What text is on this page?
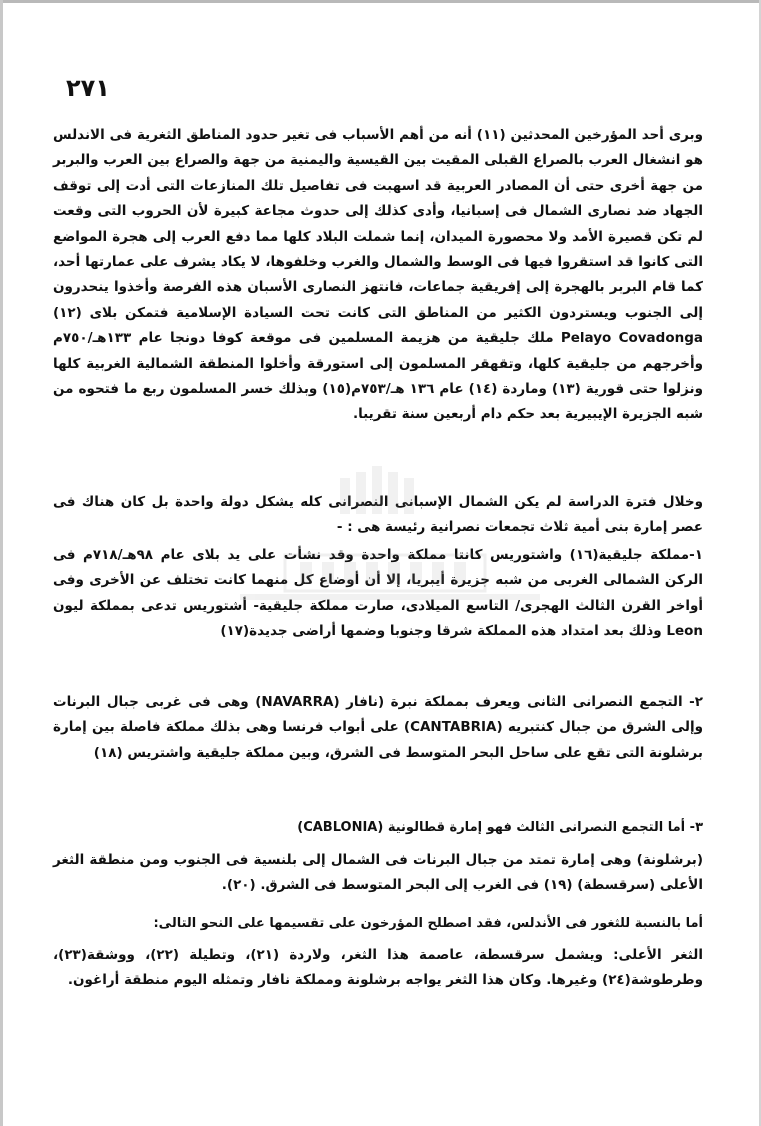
٢٧١

وبرى أحد المؤرخين المحدثين (١١) أنه من أهم الأسباب فى تغير حدود المناطق الثغرية فى الاندلس هو انشغال العرب بالصراع القبلى المقيت بين القيسية واليمنية من جهة والصراع بين العرب والبربر من جهة أخرى حتى أن المصادر العربية قد اسهبت فى تفاصيل تلك المنازعات التى أدت إلى توقف الجهاد ضد نصارى الشمال فى إسبانيا، وأدى كذلك إلى حدوث مجاعة كبيرة لأن الحروب التى وقعت لم تكن قصيرة الأمد ولا محصورة الميدان، إنما شملت البلاد كلها مما دفع العرب إلى هجرة المواضع التى كانوا قد استقروا فيها فى الوسط والشمال والغرب وخلفوها، لا يكاد يشرف على عمارتها أحد، كما قام البربر بالهجرة إلى إفريقية جماعات، فانتهز النصارى الأسبان هذه الفرصة وأخذوا ينحدرون إلى الجنوب ويستردون الكثير من المناطق التى كانت تحت السيادة الإسلامية فتمكن بلاى (١٢) Pelayo Covadonga ملك جليقية من هزيمة المسلمين فى موقعة كوفا دونجا عام ١٣٣هـ/٧٥٠م وأخرجهم من جليقية كلها، وتقهقر المسلمون إلى استورقة وأخلوا المنطقة الشمالية الغربية كلها ونزلوا حتى قورية (١٣) وماردة (١٤) عام ١٣٦ هـ/٧٥٣م(١٥) وبذلك خسر المسلمون ربع ما فتحوه من شبه الجزيرة الإيبيرية بعد حكم دام أربعين سنة تقريبا.

وخلال فترة الدراسة لم يكن الشمال الإسبانى النصرانى كله يشكل دولة واحدة بل كان هناك فى عصر إمارة بنى أمية ثلاث تجمعات نصرانية رئيسة هى : -

١-مملكة جليقية(١٦) واشتوريس كانتا مملكة واحدة وقد نشأت على يد بلاى عام ٩٨هـ/٧١٨م فى الركن الشمالى الغربى من شبه جزيرة أيبريا، إلا أن أوضاع كل منهما كانت تختلف عن الأخرى وفى أواخر القرن الثالث الهجرى/ التاسع الميلادى، صارت مملكة جليقية- أشتوريس تدعى بمملكة ليون Leon وذلك بعد امتداد هذه المملكة شرقا وجنوبا وضمها أراضى جديدة(١٧)

٢- التجمع النصرانى الثانى ويعرف بمملكة نبرة (نافار (NAVARRA) وهى فى غربى جبال البرنات وإلى الشرق من جبال كنتبريه (CANTABRIA) على أبواب فرنسا وهى بذلك مملكة فاصلة بين إمارة برشلونة التى تقع على ساحل البحر المتوسط فى الشرق، وبين مملكة جليقية واشتريس (١٨)

٣- أما التجمع النصرانى الثالث فهو إمارة قطالونية (CABLONIA)

(برشلونة) وهى إمارة تمتد من جبال البرنات فى الشمال إلى بلنسية فى الجنوب ومن منطقة الثغر الأعلى (سرقسطة) (١٩) فى الغرب إلى البحر المتوسط فى الشرق. (٢٠).

أما بالنسبة للثغور فى الأندلس، فقد اصطلح المؤرخون على تقسيمها على النحو التالى:

الثغر الأعلى: ويشمل سرقسطة، عاصمة هذا الثغر، ولاردة (٢١)، وتطيلة (٢٢)، ووشقة(٢٣)، وطرطوشة(٢٤) وغيرها. وكان هذا الثغر يواجه برشلونة ومملكة نافار وتمثله اليوم منطقة أراغون.
